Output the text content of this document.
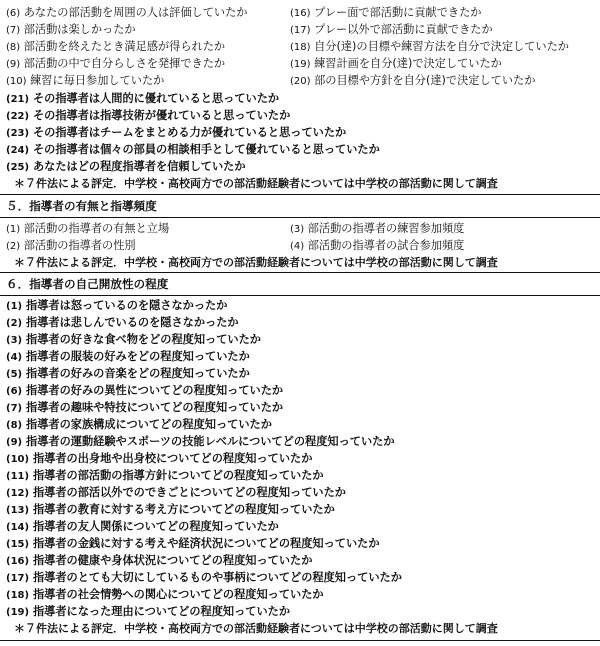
(6) あなたの部活動を周囲の人は評価していたか	(16) プレー面で部活動に貢献できたか
(7) 部活動は楽しかったか	(17) プレー以外で部活動に貢献できたか
(8) 部活動を終えたとき満足感が得られたか	(18) 自分(達)の目標や練習方法を自分で決定していたか
(9) 部活動の中で自分らしさを発揮できたか	(19) 練習計画を自分(達)で決定していたか
(10) 練習に毎日参加していたか	(20) 部の目標や方針を自分(達)で決定していたか
(21) その指導者は人間的に優れていると思っていたか
(22) その指導者は指導技術が優れていると思っていたか
(23) その指導者はチームをまとめる力が優れていると思っていたか
(24) その指導者は個々の部員の相談相手として優れていると思っていたか
(25) あなたはどの程度指導者を信頼していたか
＊７件法による評定．中学校・高校両方での部活動経験者については中学校の部活動に関して調査
５．指導者の有無と指導頻度
(1) 部活動の指導者の有無と立場	(3) 部活動の指導者の練習参加頻度
(2) 部活動の指導者の性別	(4) 部活動の指導者の試合参加頻度
＊７件法による評定．中学校・高校両方での部活動経験者については中学校の部活動に関して調査
６．指導者の自己開放性の程度
(1) 指導者は怒っているのを隠さなかったか
(2) 指導者は悲しんでいるのを隠さなかったか
(3) 指導者の好きな食べ物をどの程度知っていたか
(4) 指導者の服装の好みをどの程度知っていたか
(5) 指導者の好みの音楽をどの程度知っていたか
(6) 指導者の好みの異性についてどの程度知っていたか
(7) 指導者の趣味や特技についてどの程度知っていたか
(8) 指導者の家族構成についてどの程度知っていたか
(9) 指導者の運動経験やスポーツの技能レベルについてどの程度知っていたか
(10) 指導者の出身地や出身校についてどの程度知っていたか
(11) 指導者の部活動の指導方針についてどの程度知っていたか
(12) 指導者の部活以外でのできごとについてどの程度知っていたか
(13) 指導者の教育に対する考え方についてどの程度知っていたか
(14) 指導者の友人関係についてどの程度知っていたか
(15) 指導者の金銭に対する考えや経済状況についてどの程度知っていたか
(16) 指導者の健康や身体状況についてどの程度知っていたか
(17) 指導者のとても大切にしているものや事柄についてどの程度知っていたか
(18) 指導者の社会情勢への関心についてどの程度知っていたか
(19) 指導者になった理由についてどの程度知っていたか
＊７件法による評定．中学校・高校両方での部活動経験者については中学校の部活動に関して調査
